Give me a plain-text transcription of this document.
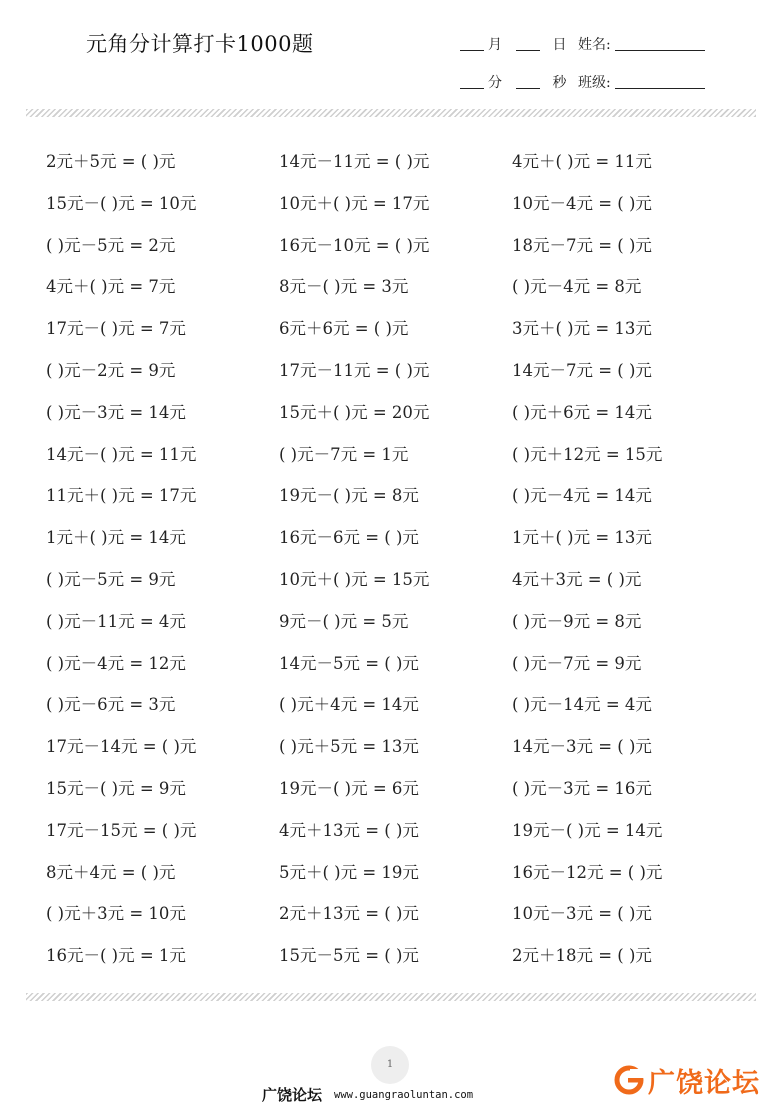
元角分计算打卡1000题	月	日 姓名:
分	秒 班级:
2元＋5元 = ( )元	14元－11元 = ( )元	4元＋( )元 = 11元
15元－( )元 = 10元	10元＋( )元 = 17元	10元－4元 = ( )元
( )元－5元 = 2元	16元－10元 = ( )元	18元－7元 = ( )元
4元＋( )元 = 7元	8元－( )元 = 3元	( )元－4元 = 8元
17元－( )元 = 7元	6元＋6元 = ( )元	3元＋( )元 = 13元
( )元－2元 = 9元	17元－11元 = ( )元	14元－7元 = ( )元
( )元－3元 = 14元	15元＋( )元 = 20元	( )元＋6元 = 14元
14元－( )元 = 11元	( )元－7元 = 1元	( )元＋12元 = 15元
11元＋( )元 = 17元	19元－( )元 = 8元	( )元－4元 = 14元
1元＋( )元 = 14元	16元－6元 = ( )元	1元＋( )元 = 13元
( )元－5元 = 9元	10元＋( )元 = 15元	4元＋3元 = ( )元
( )元－11元 = 4元	9元－( )元 = 5元	( )元－9元 = 8元
( )元－4元 = 12元	14元－5元 = ( )元	( )元－7元 = 9元
( )元－6元 = 3元	( )元＋4元 = 14元	( )元－14元 = 4元
17元－14元 = ( )元	( )元＋5元 = 13元	14元－3元 = ( )元
15元－( )元 = 9元	19元－( )元 = 6元	( )元－3元 = 16元
17元－15元 = ( )元	4元＋13元 = ( )元	19元－( )元 = 14元
8元＋4元 = ( )元	5元＋( )元 = 19元	16元－12元 = ( )元
( )元＋3元 = 10元	2元＋13元 = ( )元	10元－3元 = ( )元
16元－( )元 = 1元	15元－5元 = ( )元	2元＋18元 = ( )元
1
广饶论坛 www.guangraoluntan.com	广饶论坛
